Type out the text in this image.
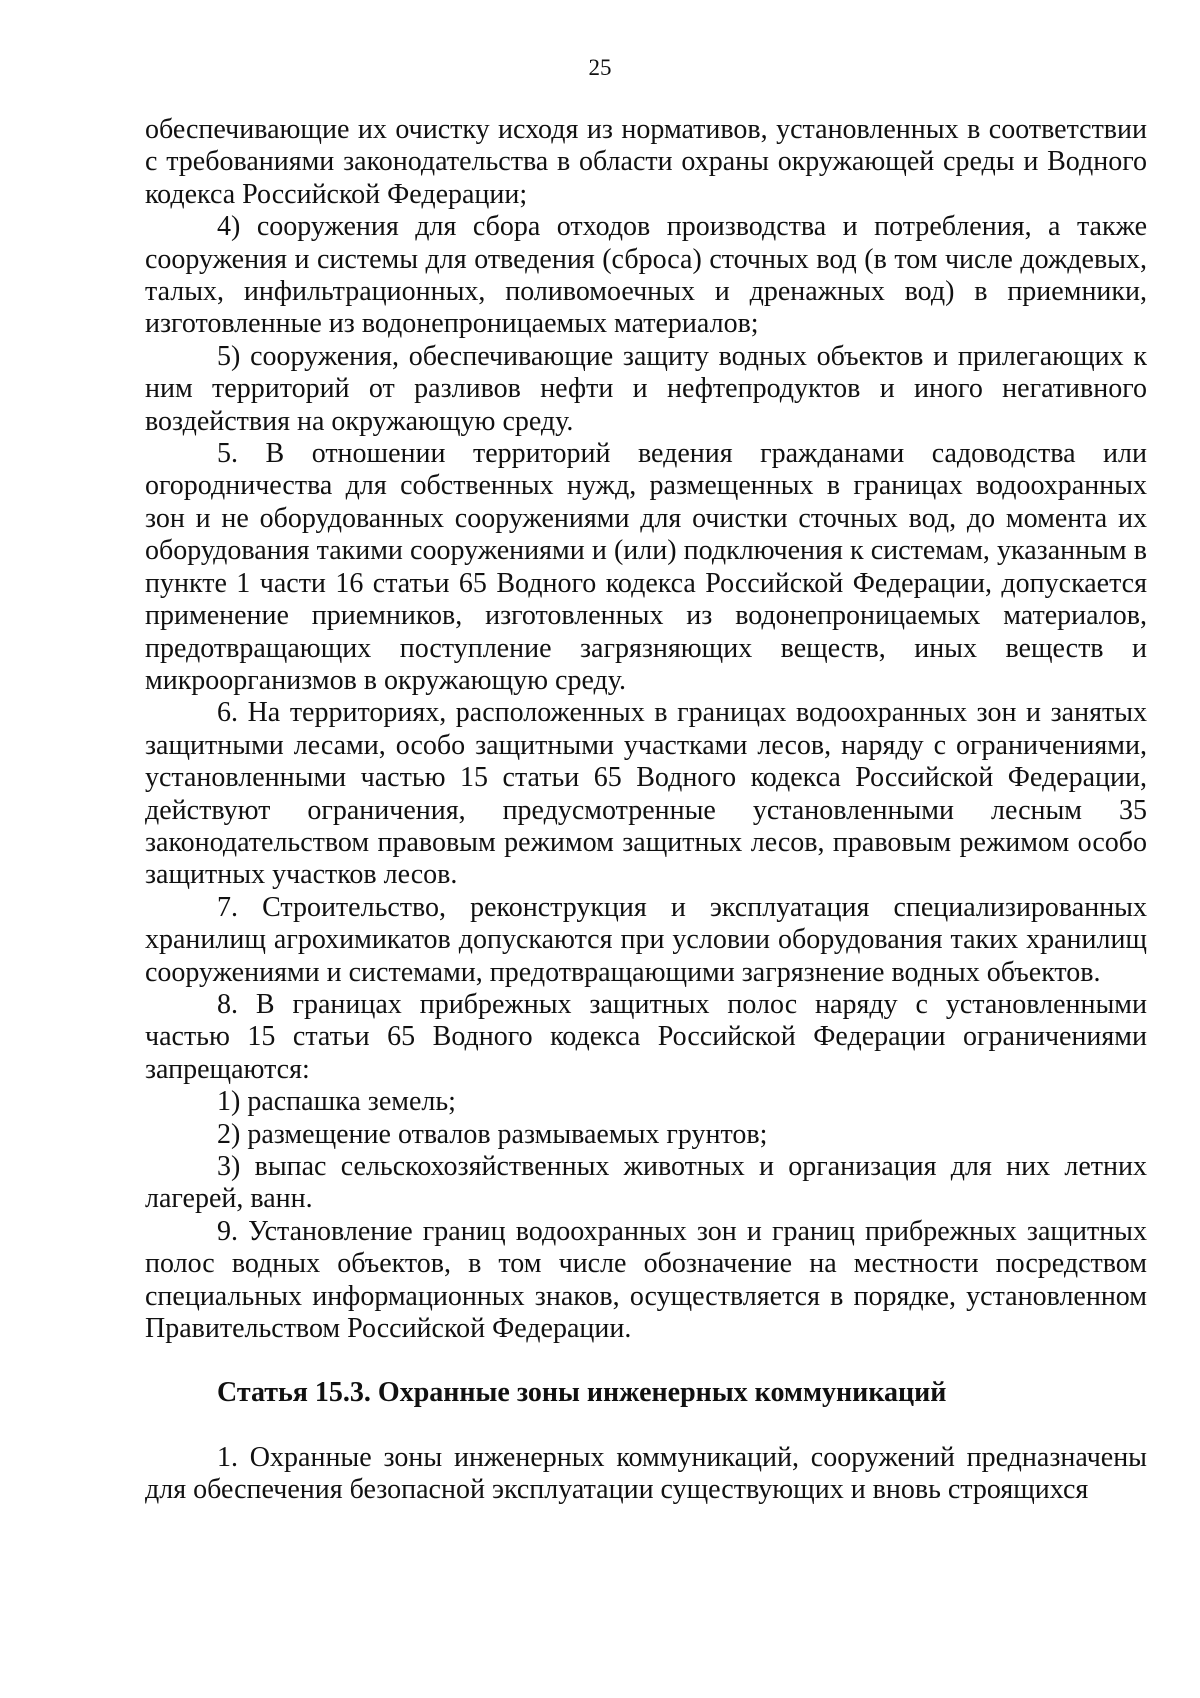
25

обеспечивающие их очистку исходя из нормативов, установленных в соответствии с требованиями законодательства в области охраны окружающей среды и Водного кодекса Российской Федерации;

4) сооружения для сбора отходов производства и потребления, а также сооружения и системы для отведения (сброса) сточных вод (в том числе дождевых, талых, инфильтрационных, поливомоечных и дренажных вод) в приемники, изготовленные из водонепроницаемых материалов;

5) сооружения, обеспечивающие защиту водных объектов и прилегающих к ним территорий от разливов нефти и нефтепродуктов и иного негативного воздействия на окружающую среду.

5. В отношении территорий ведения гражданами садоводства или огородничества для собственных нужд, размещенных в границах водоохранных зон и не оборудованных сооружениями для очистки сточных вод, до момента их оборудования такими сооружениями и (или) подключения к системам, указанным в пункте 1 части 16 статьи 65 Водного кодекса Российской Федерации, допускается применение приемников, изготовленных из водонепроницаемых материалов, предотвращающих поступление загрязняющих веществ, иных веществ и микроорганизмов в окружающую среду.

6. На территориях, расположенных в границах водоохранных зон и занятых защитными лесами, особо защитными участками лесов, наряду с ограничениями, установленными частью 15 статьи 65 Водного кодекса Российской Федерации, действуют ограничения, предусмотренные установленными лесным 35 законодательством правовым режимом защитных лесов, правовым режимом особо защитных участков лесов.

7. Строительство, реконструкция и эксплуатация специализированных хранилищ агрохимикатов допускаются при условии оборудования таких хранилищ сооружениями и системами, предотвращающими загрязнение водных объектов.

8. В границах прибрежных защитных полос наряду с установленными частью 15 статьи 65 Водного кодекса Российской Федерации ограничениями запрещаются:

1) распашка земель;

2) размещение отвалов размываемых грунтов;

3) выпас сельскохозяйственных животных и организация для них летних лагерей, ванн.

9. Установление границ водоохранных зон и границ прибрежных защитных полос водных объектов, в том числе обозначение на местности посредством специальных информационных знаков, осуществляется в порядке, установленном Правительством Российской Федерации.

Статья 15.3. Охранные зоны инженерных коммуникаций

1. Охранные зоны инженерных коммуникаций, сооружений предназначены для обеспечения безопасной эксплуатации существующих и вновь строящихся
